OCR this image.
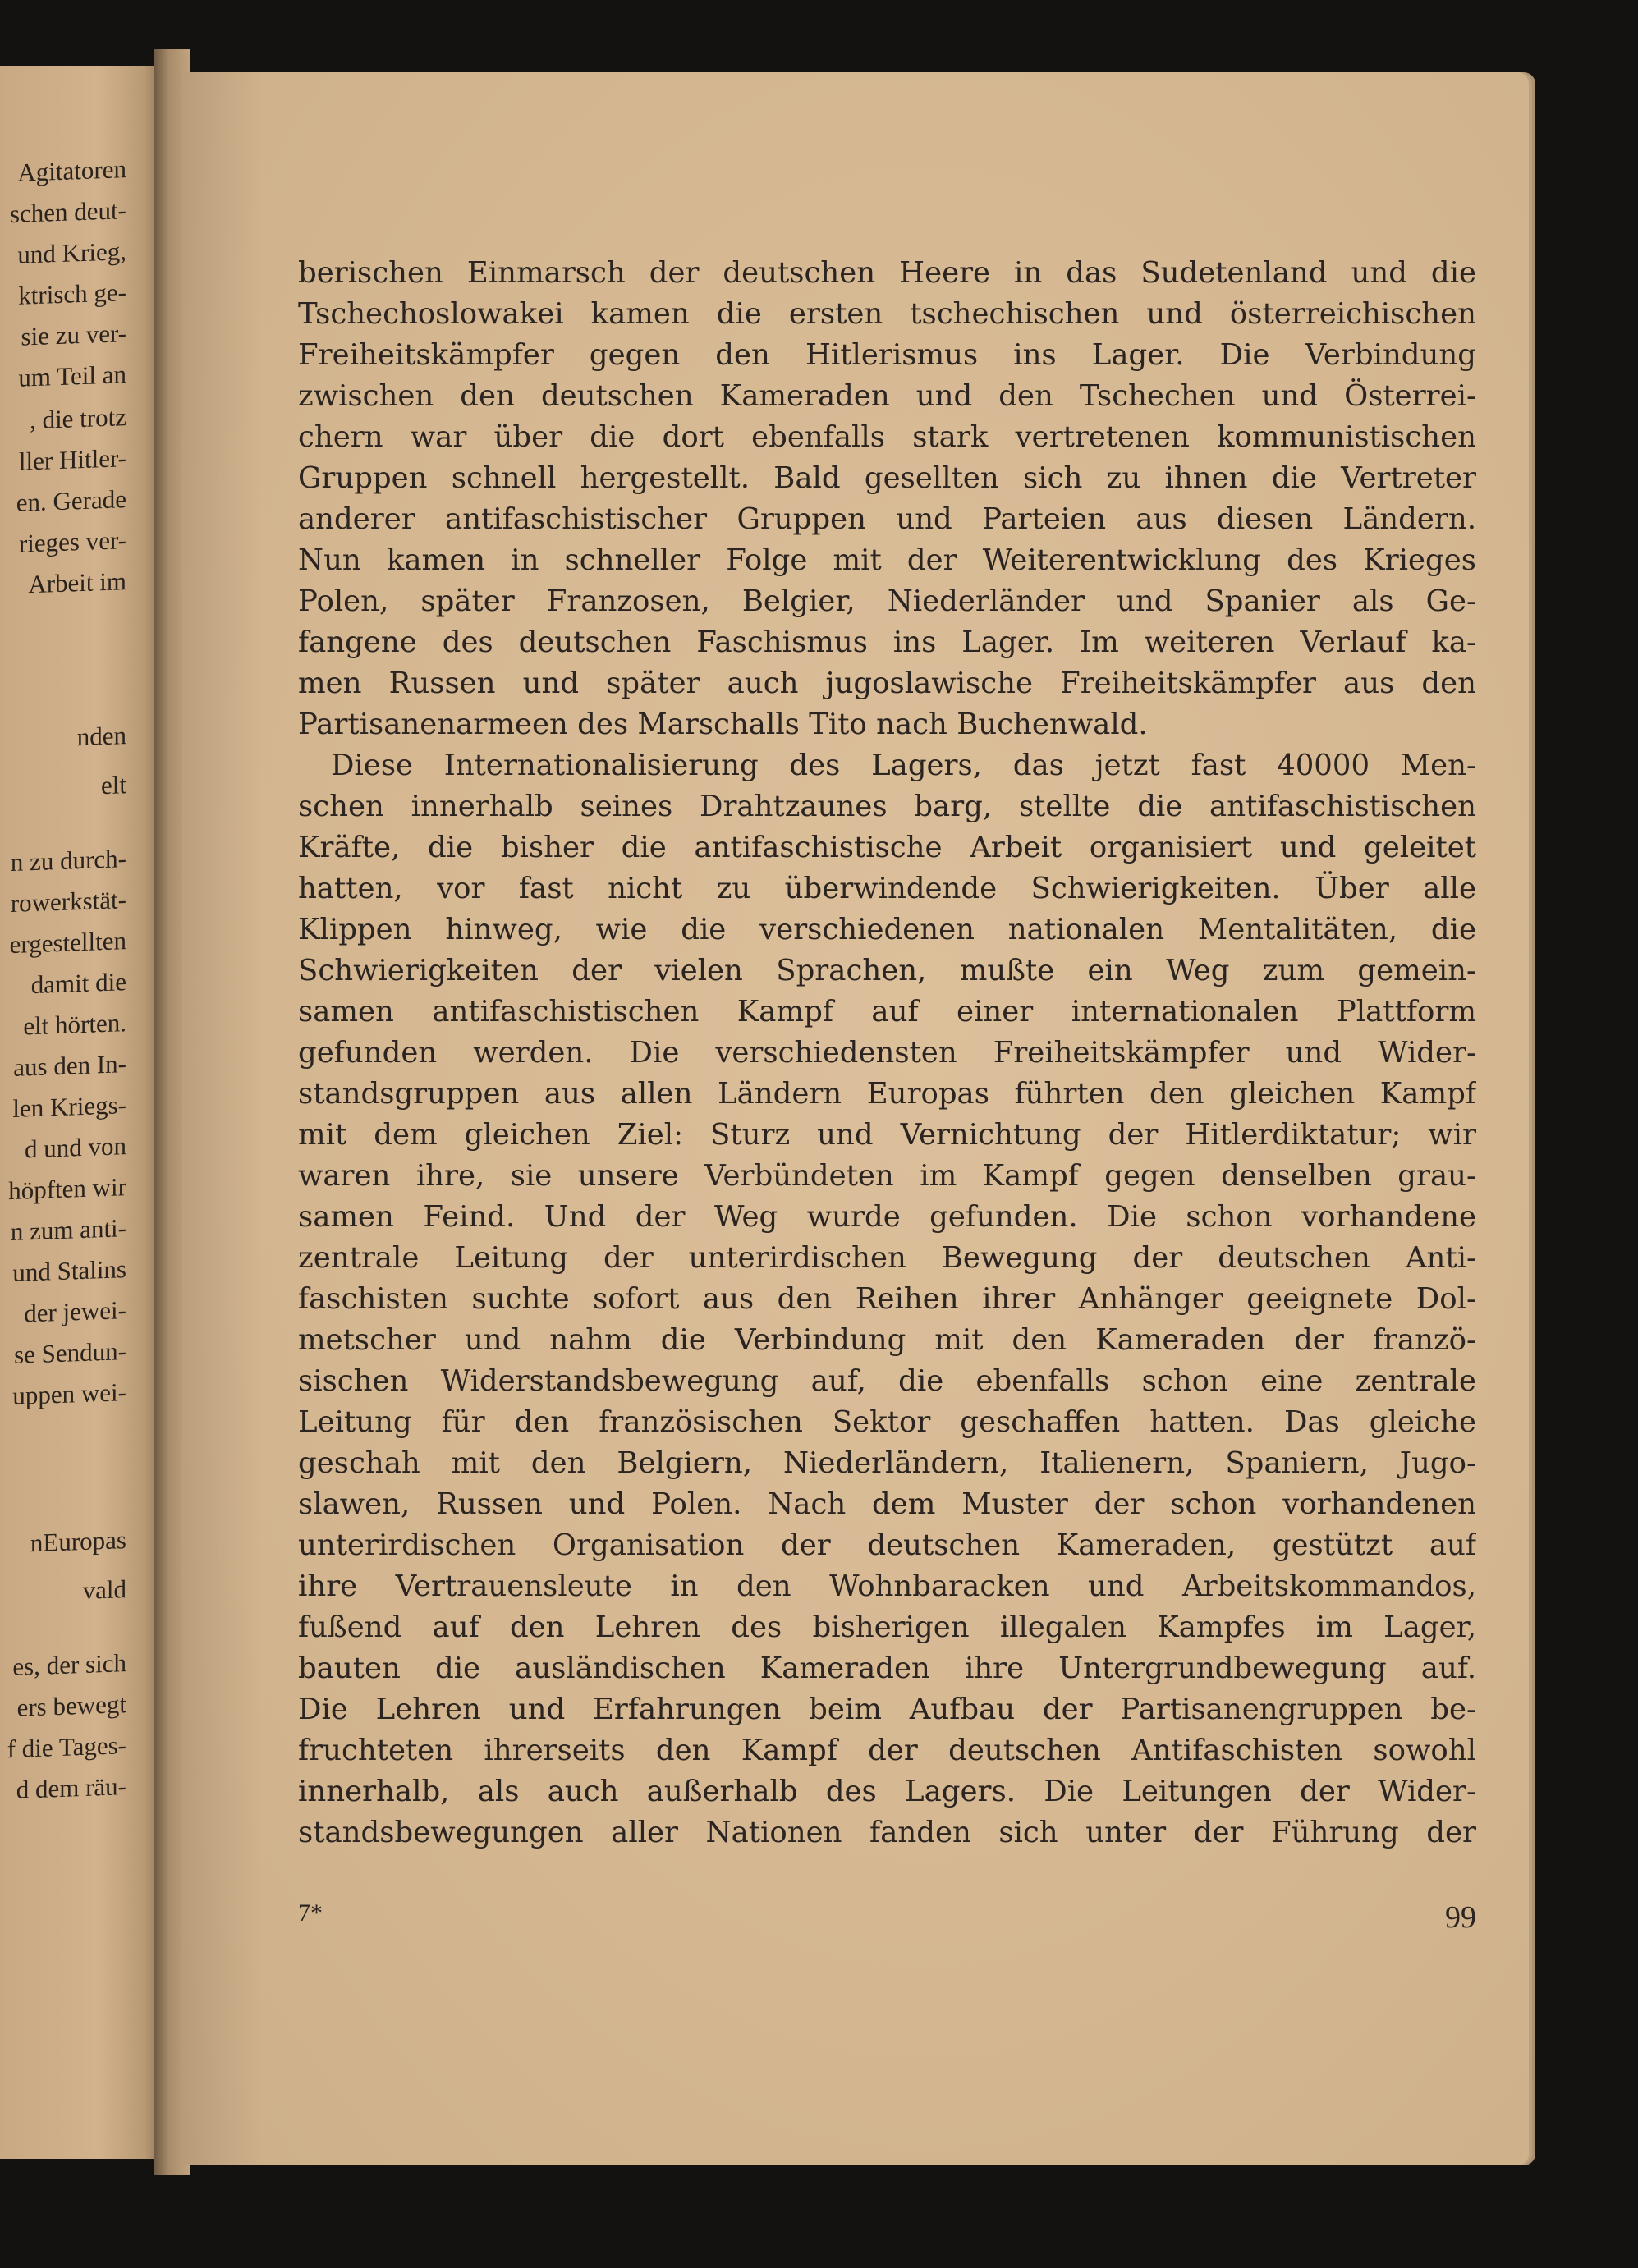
Agitatoren
schen deut-
und Krieg,
ktrisch ge-
sie zu ver-
um Teil an
, die trotz
ller Hitler-
en. Gerade
rieges ver-
Arbeit im
nden
elt
n zu durch-
rowerkstät-
ergestellten
damit die
elt hörten.
aus den In-
len Kriegs-
d und von
höpften wir
n zum anti-
und Stalins
der jewei-
se Sendun-
uppen wei-
nEuropas
vald
es, der sich
ers bewegt
f die Tages-
d dem räu-
berischen Einmarsch der deutschen Heere in das Sudetenland und die
Tschechoslowakei kamen die ersten tschechischen und österreichischen
Freiheitskämpfer gegen den Hitlerismus ins Lager. Die Verbindung
zwischen den deutschen Kameraden und den Tschechen und Österrei-
chern war über die dort ebenfalls stark vertretenen kommunistischen
Gruppen schnell hergestellt. Bald gesellten sich zu ihnen die Vertreter
anderer antifaschistischer Gruppen und Parteien aus diesen Ländern.
Nun kamen in schneller Folge mit der Weiterentwicklung des Krieges
Polen, später Franzosen, Belgier, Niederländer und Spanier als Ge-
fangene des deutschen Faschismus ins Lager. Im weiteren Verlauf ka-
men Russen und später auch jugoslawische Freiheitskämpfer aus den
Partisanenarmeen des Marschalls Tito nach Buchenwald.
Diese Internationalisierung des Lagers, das jetzt fast 40000 Men-
schen innerhalb seines Drahtzaunes barg, stellte die antifaschistischen
Kräfte, die bisher die antifaschistische Arbeit organisiert und geleitet
hatten, vor fast nicht zu überwindende Schwierigkeiten. Über alle
Klippen hinweg, wie die verschiedenen nationalen Mentalitäten, die
Schwierigkeiten der vielen Sprachen, mußte ein Weg zum gemein-
samen antifaschistischen Kampf auf einer internationalen Plattform
gefunden werden. Die verschiedensten Freiheitskämpfer und Wider-
standsgruppen aus allen Ländern Europas führten den gleichen Kampf
mit dem gleichen Ziel: Sturz und Vernichtung der Hitlerdiktatur; wir
waren ihre, sie unsere Verbündeten im Kampf gegen denselben grau-
samen Feind. Und der Weg wurde gefunden. Die schon vorhandene
zentrale Leitung der unterirdischen Bewegung der deutschen Anti-
faschisten suchte sofort aus den Reihen ihrer Anhänger geeignete Dol-
metscher und nahm die Verbindung mit den Kameraden der franzö-
sischen Widerstandsbewegung auf, die ebenfalls schon eine zentrale
Leitung für den französischen Sektor geschaffen hatten. Das gleiche
geschah mit den Belgiern, Niederländern, Italienern, Spaniern, Jugo-
slawen, Russen und Polen. Nach dem Muster der schon vorhandenen
unterirdischen Organisation der deutschen Kameraden, gestützt auf
ihre Vertrauensleute in den Wohnbaracken und Arbeitskommandos,
fußend auf den Lehren des bisherigen illegalen Kampfes im Lager,
bauten die ausländischen Kameraden ihre Untergrundbewegung auf.
Die Lehren und Erfahrungen beim Aufbau der Partisanengruppen be-
fruchteten ihrerseits den Kampf der deutschen Antifaschisten sowohl
innerhalb, als auch außerhalb des Lagers. Die Leitungen der Wider-
standsbewegungen aller Nationen fanden sich unter der Führung der
7*	99
